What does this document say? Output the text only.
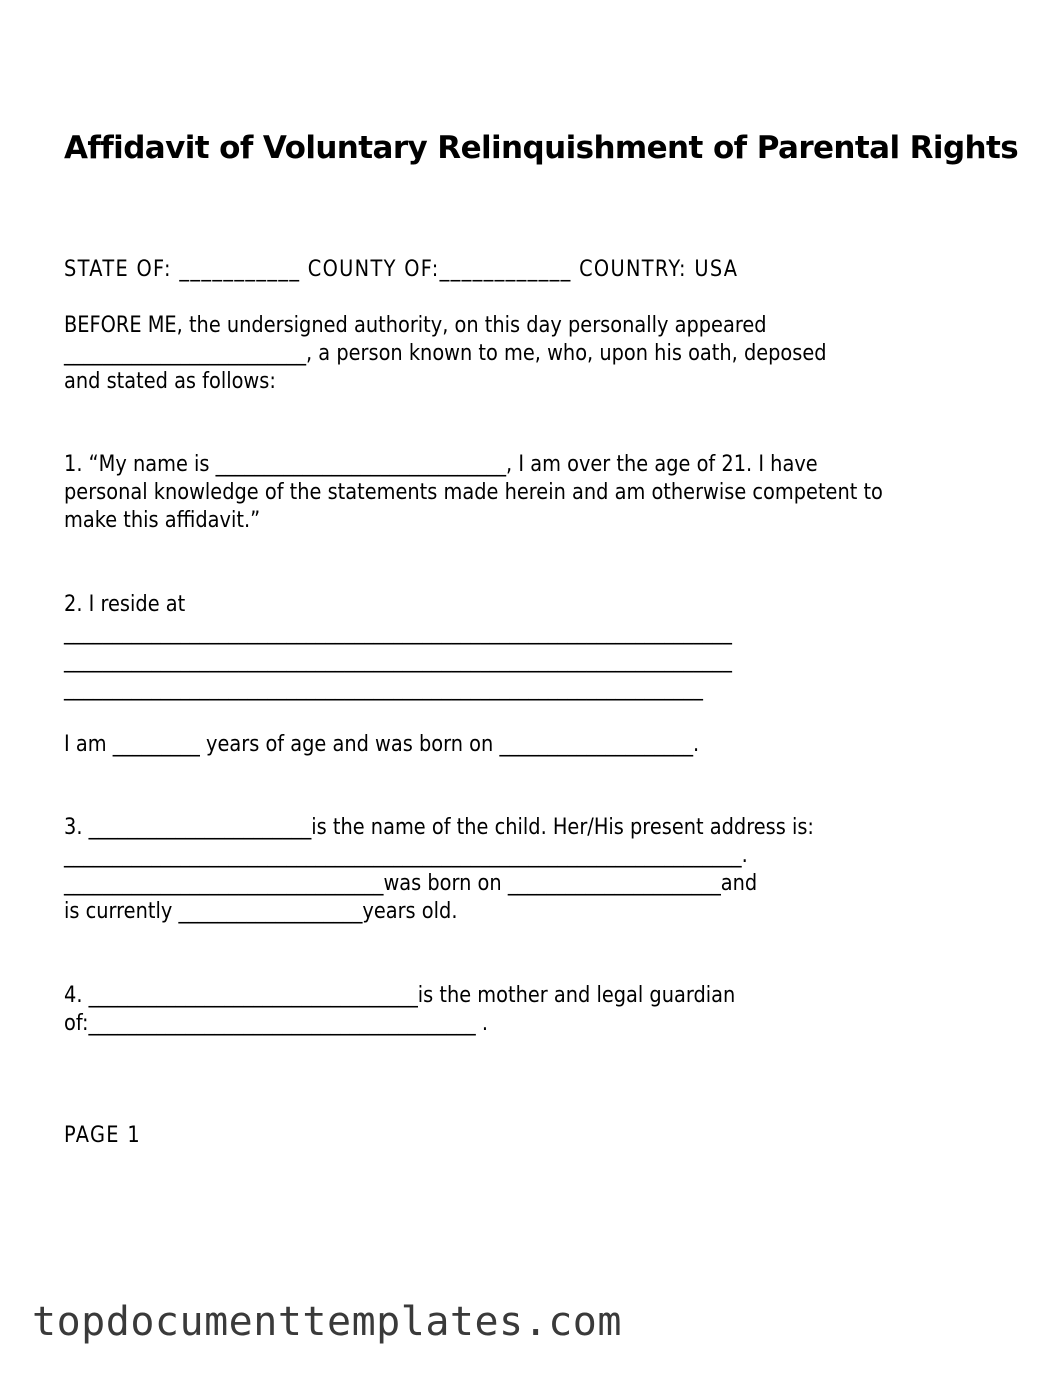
Affidavit of Voluntary Relinquishment of Parental Rights
STATE OF: ___________ COUNTY OF:____________ COUNTRY: USA
BEFORE ME, the undersigned authority, on this day personally appeared
_________________________, a person known to me, who, upon his oath, deposed
and stated as follows:
1. “My name is ______________________________, I am over the age of 21. I have
personal knowledge of the statements made herein and am otherwise competent to
make this affidavit.”
2. I reside at
_____________________________________________________________________
_____________________________________________________________________
__________________________________________________________________
I am _________ years of age and was born on ____________________.
3. _______________________is the name of the child. Her/His present address is:
______________________________________________________________________.
_________________________________was born on ______________________and
is currently ___________________years old.
4. __________________________________is the mother and legal guardian
of:________________________________________ .
PAGE 1
topdocumenttemplates.com
